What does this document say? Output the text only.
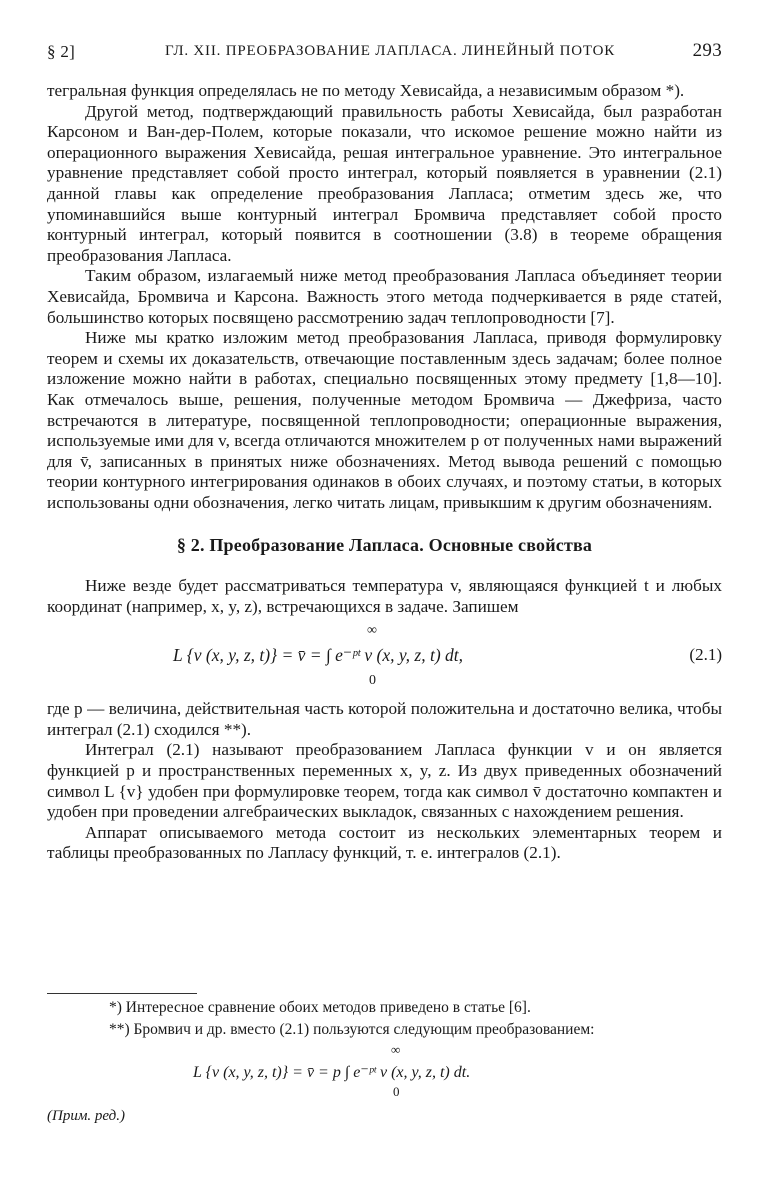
§ 2]	ГЛ. XII. ПРЕОБРАЗОВАНИЕ ЛАПЛАСА. ЛИНЕЙНЫЙ ПОТОК	293

тегральная функция определялась не по методу Хевисайда, а независимым образом *).

Другой метод, подтверждающий правильность работы Хевисайда, был разработан Карсоном и Ван-дер-Полем, которые показали, что искомое решение можно найти из операционного выражения Хевисайда, решая интегральное уравнение. Это интегральное уравнение представляет собой просто интеграл, который появляется в уравнении (2.1) данной главы как определение преобразования Лапласа; отметим здесь же, что упоминавшийся выше контурный интеграл Бромвича представляет собой просто контурный интеграл, который появится в соотношении (3.8) в теореме обращения преобразования Лапласа.

Таким образом, излагаемый ниже метод преобразования Лапласа объединяет теории Хевисайда, Бромвича и Карсона. Важность этого метода подчеркивается в ряде статей, большинство которых посвящено рассмотрению задач теплопроводности [7].

Ниже мы кратко изложим метод преобразования Лапласа, приводя формулировку теорем и схемы их доказательств, отвечающие поставленным здесь задачам; более полное изложение можно найти в работах, специально посвященных этому предмету [1,8—10]. Как отмечалось выше, решения, полученные методом Бромвича — Джефриза, часто встречаются в литературе, посвященной теплопроводности; операционные выражения, используемые ими для v, всегда отличаются множителем p от полученных нами выражений для v̄, записанных в принятых ниже обозначениях. Метод вывода решений с помощью теории контурного интегрирования одинаков в обоих случаях, и поэтому статьи, в которых использованы одни обозначения, легко читать лицам, привыкшим к другим обозначениям.

§ 2. Преобразование Лапласа. Основные свойства

Ниже везде будет рассматриваться температура v, являющаяся функцией t и любых координат (например, x, y, z), встречающихся в задаче. Запишем

∞
L {v (x, y, z, t)} = v̄ = ∫ e⁻ᵖᵗ v (x, y, z, t) dt,
0
(2.1)

где p — величина, действительная часть которой положительна и достаточно велика, чтобы интеграл (2.1) сходился **).

Интеграл (2.1) называют преобразованием Лапласа функции v и он является функцией p и пространственных переменных x, y, z. Из двух приведенных обозначений символ L {v} удобен при формулировке теорем, тогда как символ v̄ достаточно компактен и удобен при проведении алгебраических выкладок, связанных с нахождением решения.

Аппарат описываемого метода состоит из нескольких элементарных теорем и таблицы преобразованных по Лапласу функций, т. е. интегралов (2.1).

*) Интересное сравнение обоих методов приведено в статье [6].

**) Бромвич и др. вместо (2.1) пользуются следующим преобразованием:

∞
L {v (x, y, z, t)} = v̄ = p ∫ e⁻ᵖᵗ v (x, y, z, t) dt.
0

(Прим. ред.)
